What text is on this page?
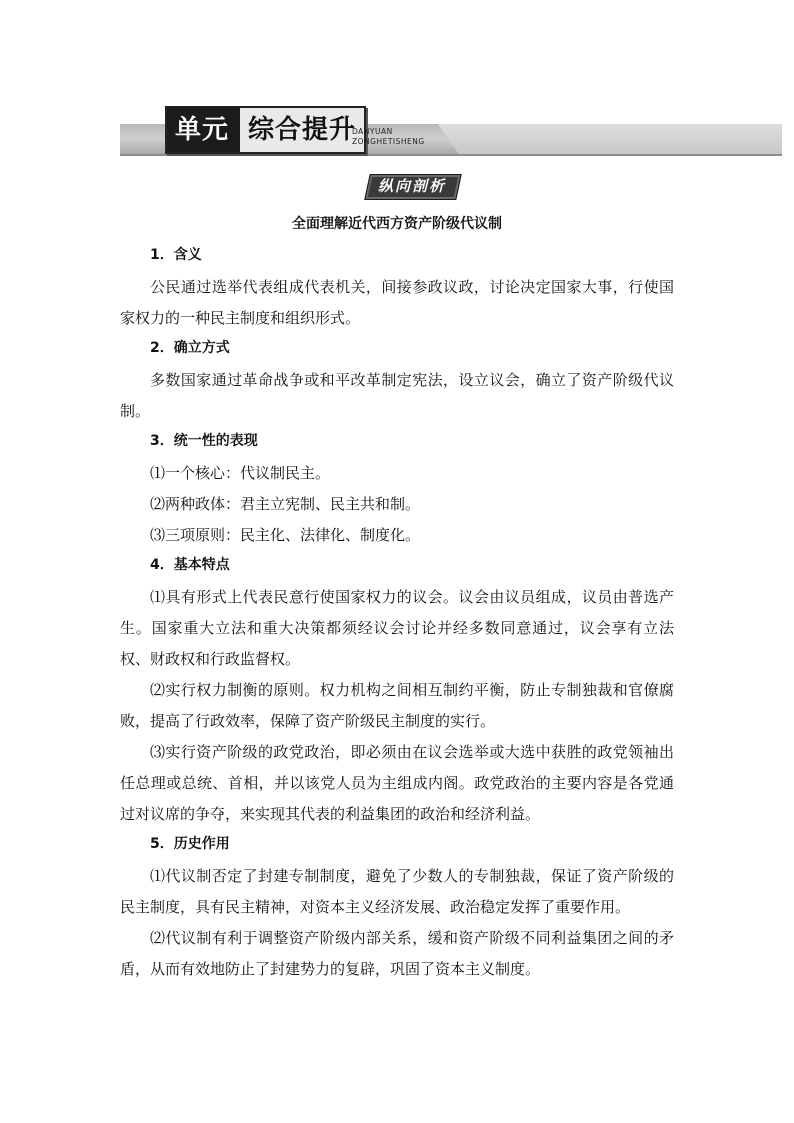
单元 综合提升
DANYUAN
ZONGHETISHENG
纵向剖析
全面理解近代西方资产阶级代议制

1．含义

公民通过选举代表组成代表机关，间接参政议政，讨论决定国家大事，行使国家权力的一种民主制度和组织形式。

2．确立方式

多数国家通过革命战争或和平改革制定宪法，设立议会，确立了资产阶级代议制。

3．统一性的表现

⑴一个核心：代议制民主。

⑵两种政体：君主立宪制、民主共和制。

⑶三项原则：民主化、法律化、制度化。

4．基本特点

⑴具有形式上代表民意行使国家权力的议会。议会由议员组成，议员由普选产生。国家重大立法和重大决策都须经议会讨论并经多数同意通过，议会享有立法权、财政权和行政监督权。

⑵实行权力制衡的原则。权力机构之间相互制约平衡，防止专制独裁和官僚腐败，提高了行政效率，保障了资产阶级民主制度的实行。

⑶实行资产阶级的政党政治，即必须由在议会选举或大选中获胜的政党领袖出任总理或总统、首相，并以该党人员为主组成内阁。政党政治的主要内容是各党通过对议席的争夺，来实现其代表的利益集团的政治和经济利益。

5．历史作用

⑴代议制否定了封建专制制度，避免了少数人的专制独裁，保证了资产阶级的民主制度，具有民主精神，对资本主义经济发展、政治稳定发挥了重要作用。

⑵代议制有利于调整资产阶级内部关系，缓和资产阶级不同利益集团之间的矛盾，从而有效地防止了封建势力的复辟，巩固了资本主义制度。
